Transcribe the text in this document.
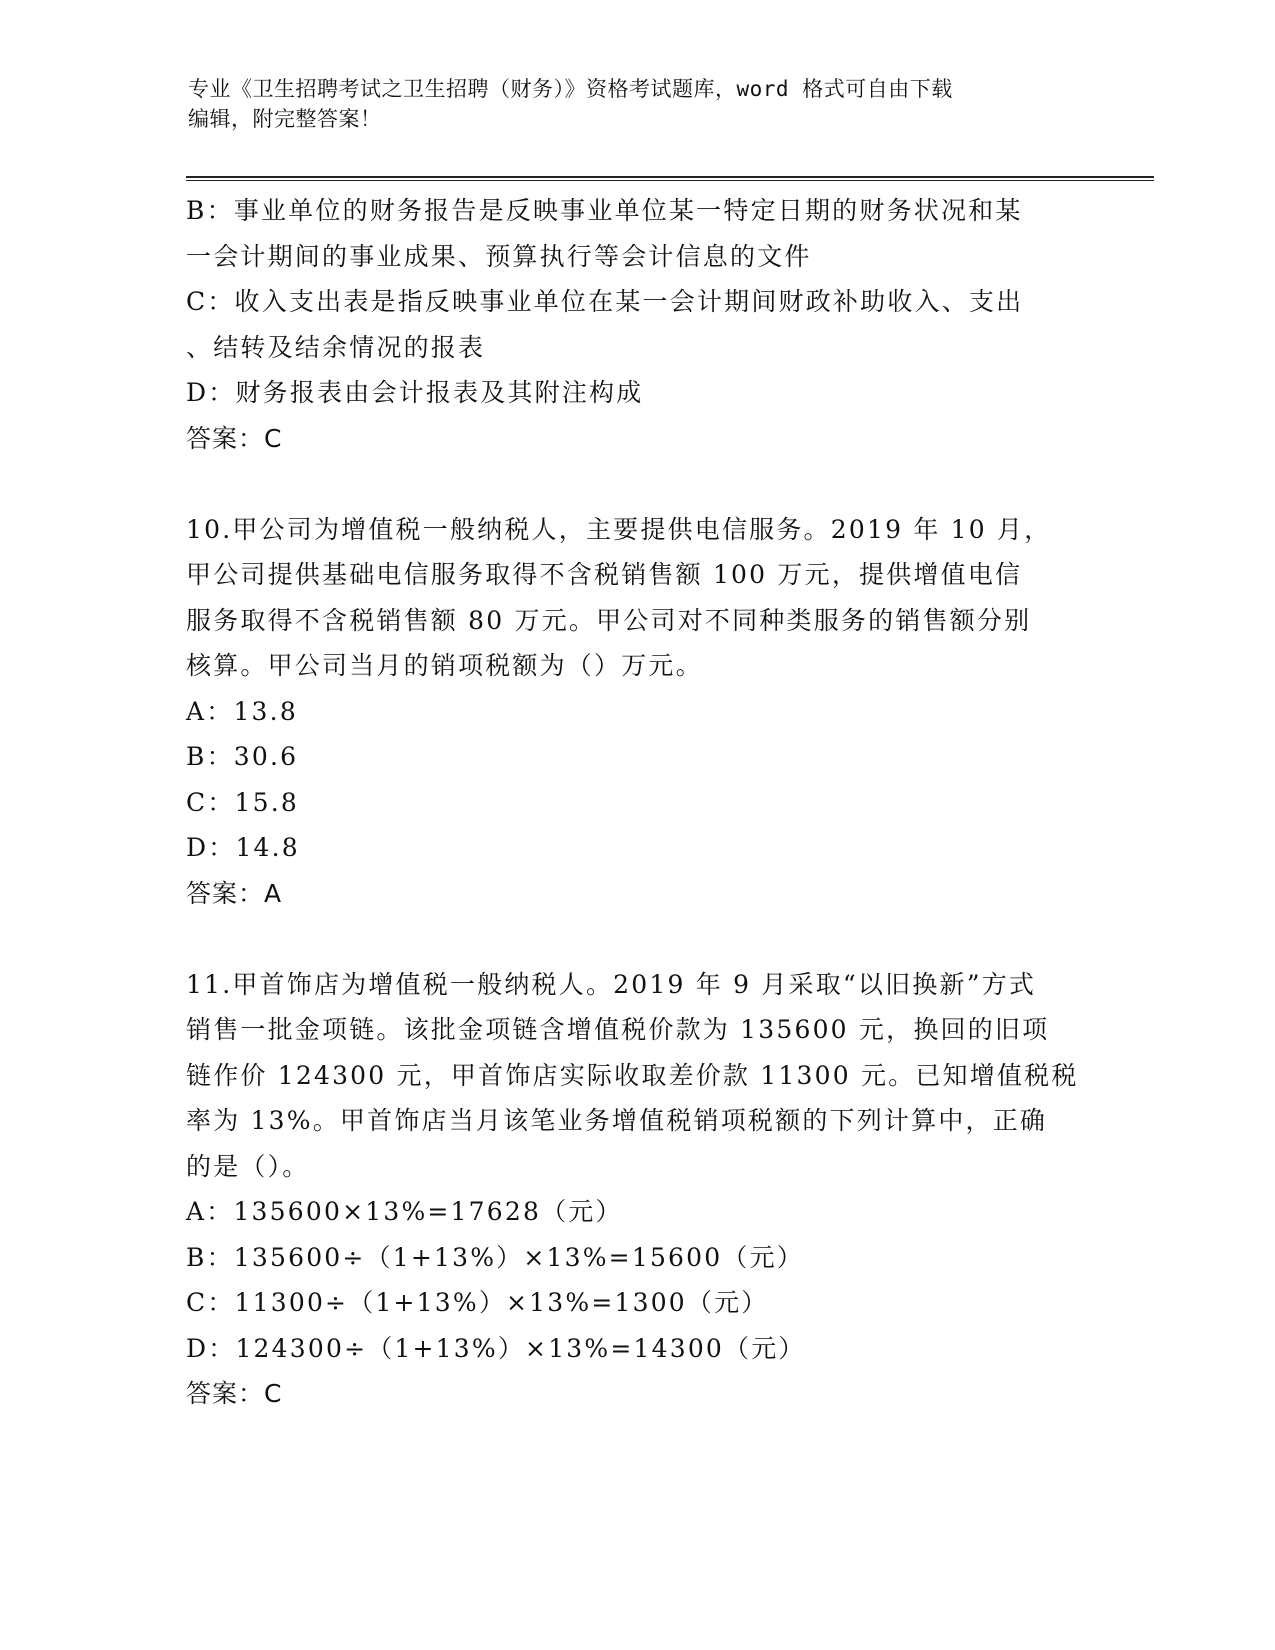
专业《卫生招聘考试之卫生招聘（财务）》资格考试题库，word 格式可自由下载
编辑，附完整答案！
B：事业单位的财务报告是反映事业单位某一特定日期的财务状况和某
一会计期间的事业成果、预算执行等会计信息的文件
C：收入支出表是指反映事业单位在某一会计期间财政补助收入、支出
、结转及结余情况的报表
D：财务报表由会计报表及其附注构成
答案：C
10.甲公司为增值税一般纳税人，主要提供电信服务。2019 年 10 月，
甲公司提供基础电信服务取得不含税销售额 100 万元，提供增值电信
服务取得不含税销售额 80 万元。甲公司对不同种类服务的销售额分别
核算。甲公司当月的销项税额为（）万元。
A：13.8
B：30.6
C：15.8
D：14.8
答案：A
11.甲首饰店为增值税一般纳税人。2019 年 9 月采取“以旧换新”方式
销售一批金项链。该批金项链含增值税价款为 135600 元，换回的旧项
链作价 124300 元，甲首饰店实际收取差价款 11300 元。已知增值税税
率为 13%。甲首饰店当月该笔业务增值税销项税额的下列计算中，正确
的是（）。
A：135600×13%=17628（元）
B：135600÷（1+13%）×13%=15600（元）
C：11300÷（1+13%）×13%=1300（元）
D：124300÷（1+13%）×13%=14300（元）
答案：C
